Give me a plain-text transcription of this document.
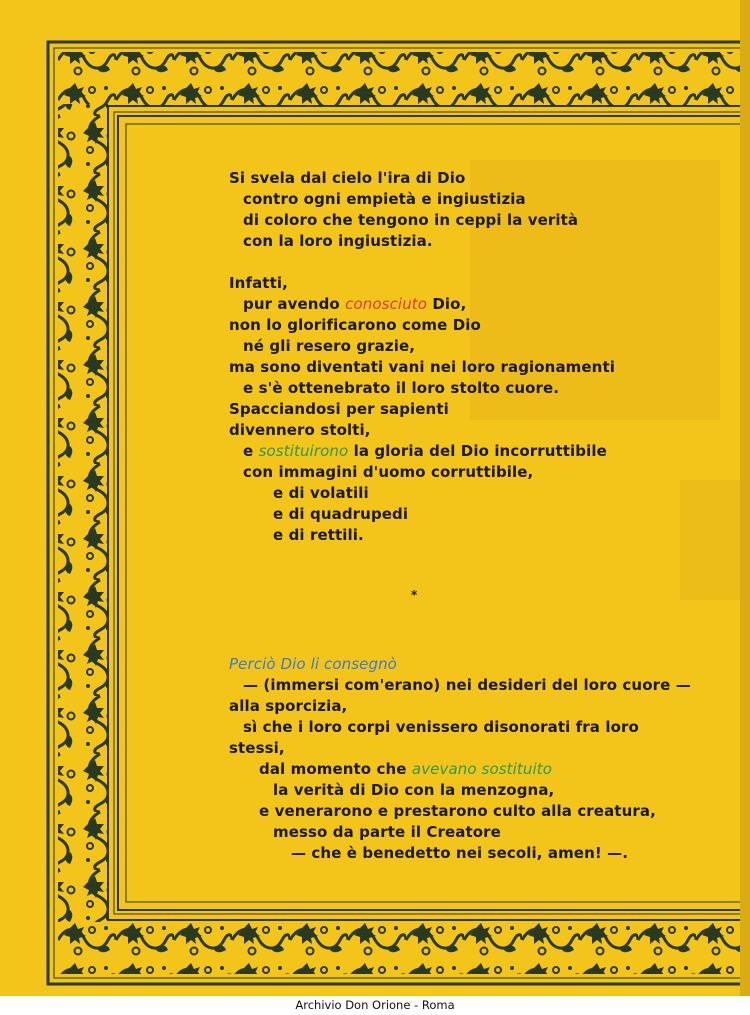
Si svela dal cielo l'ira di Dio
contro ogni empietà e ingiustizia
di coloro che tengono in ceppi la verità
con la loro ingiustizia.
Infatti,
pur avendo conosciuto Dio,
non lo glorificarono come Dio
né gli resero grazie,
ma sono diventati vani nei loro ragionamenti
e s'è ottenebrato il loro stolto cuore.
Spacciandosi per sapienti
divennero stolti,
e sostituirono la gloria del Dio incorruttibile
con immagini d'uomo corruttibile,
e di volatili
e di quadrupedi
e di rettili.
*
Perciò Dio li consegnò
— (immersi com'erano) nei desideri del loro cuore —
alla sporcizia,
sì che i loro corpi venissero disonorati fra loro
stessi,
dal momento che avevano sostituito
la verità di Dio con la menzogna,
e venerarono e prestarono culto alla creatura,
messo da parte il Creatore
— che è benedetto nei secoli, amen! —.
Archivio Don Orione - Roma
